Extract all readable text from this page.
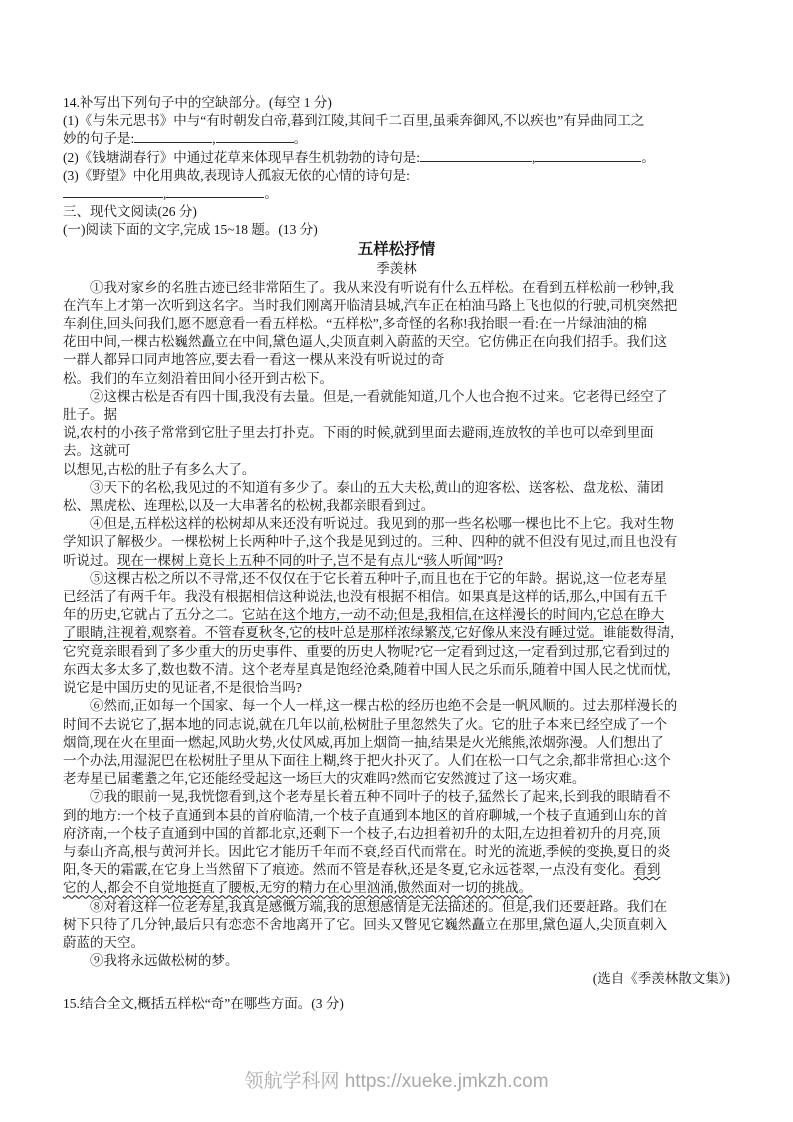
14.补写出下列句子中的空缺部分。(每空 1 分)
(1)《与朱元思书》中与“有时朝发白帝,暮到江陵,其间千二百里,虽乘奔御风,不以疾也”有异曲同工之
妙的句子是:	,	。
(2)《钱塘湖春行》中通过花草来体现早春生机勃勃的诗句是:	,	。
(3)《野望》中化用典故,表现诗人孤寂无依的心情的诗句是:
,	。
三、现代文阅读(26 分)
(一)阅读下面的文字,完成 15~18 题。(13 分)
五样松抒情
季羡林
①我对家乡的名胜古迹已经非常陌生了。我从来没有听说有什么五样松。在看到五样松前一秒钟,我
在汽车上才第一次听到这名字。当时我们刚离开临清县城,汽车正在柏油马路上飞也似的行驶,司机突然把
车刹住,回头问我们,愿不愿意看一看五样松。“五样松”,多奇怪的名称!我抬眼一看:在一片绿油油的棉
花田中间,一棵古松巍然矗立在中间,黛色逼人,尖顶直刺入蔚蓝的天空。它仿佛正在向我们招手。我们这
一群人都异口同声地答应,要去看一看这一棵从来没有听说过的奇
松。我们的车立刻沿着田间小径开到古松下。
②这棵古松是否有四十围,我没有去量。但是,一看就能知道,几个人也合抱不过来。它老得已经空了
肚子。据
说,农村的小孩子常常到它肚子里去打扑克。下雨的时候,就到里面去避雨,连放牧的羊也可以牵到里面
去。这就可
以想见,古松的肚子有多么大了。
③天下的名松,我见过的不知道有多少了。泰山的五大夫松,黄山的迎客松、送客松、盘龙松、蒲团
松、黑虎松、连理松,以及一大串著名的松树,我都亲眼看到过。
④但是,五样松这样的松树却从来还没有听说过。我见到的那一些名松哪一棵也比不上它。我对生物
学知识了解极少。一棵松树上长两种叶子,这个我是见到过的。三种、四种的就不但没有见过,而且也没有
听说过。现在一棵树上竟长上五种不同的叶子,岂不是有点儿“骇人听闻”吗?
⑤这棵古松之所以不寻常,还不仅仅在于它长着五种叶子,而且也在于它的年龄。据说,这一位老寿星
已经活了有两千年。我没有根据相信这种说法,也没有根据不相信。如果真是这样的话,那么,中国有五千
年的历史,它就占了五分之二。它站在这个地方,一动不动;但是,我相信,在这样漫长的时间内,它总在睁大
了眼睛,注视着,观察着。不管春夏秋冬,它的枝叶总是那样浓绿繁茂,它好像从来没有睡过觉。谁能数得清,
它究竟亲眼看到了多少重大的历史事件、重要的历史人物呢?它一定看到过这,一定看到过那,它看到过的
东西太多太多了,数也数不清。这个老寿星真是饱经沧桑,随着中国人民之乐而乐,随着中国人民之忧而忧,
说它是中国历史的见证者,不是很恰当吗?
⑥然而,正如每一个国家、每一个人一样,这一棵古松的经历也绝不会是一帆风顺的。过去那样漫长的
时间不去说它了,据本地的同志说,就在几年以前,松树肚子里忽然失了火。它的肚子本来已经空成了一个
烟筒,现在火在里面一燃起,风助火势,火仗风威,再加上烟筒一抽,结果是火光熊熊,浓烟弥漫。人们想出了
一个办法,用湿泥巴在松树肚子里从下面往上糊,终于把火扑灭了。人们在松一口气之余,都非常担心:这个
老寿星已届耄耋之年,它还能经受起这一场巨大的灾难吗?然而它安然渡过了这一场灾难。
⑦我的眼前一晃,我恍惚看到,这个老寿星长着五种不同叶子的枝子,猛然长了起来,长到我的眼睛看不
到的地方:一个枝子直通到本县的首府临清,一个枝子直通到本地区的首府聊城,一个枝子直通到山东的首
府济南,一个枝子直通到中国的首都北京,还剩下一个枝子,右边担着初升的太阳,左边担着初升的月亮,顶
与泰山齐高,根与黄河并长。因此它才能历千年而不衰,经百代而常在。时光的流逝,季候的变换,夏日的炎
阳,冬天的霜霰,在它身上当然留下了痕迹。然而不管是春秋,还是冬夏,它永远苍翠,一点没有变化。看到
它的人,都会不自觉地挺直了腰板,无穷的精力在心里汹涌,傲然面对一切的挑战。
⑧对着这样一位老寿星,我真是感慨万端,我的思想感情是无法描述的。但是,我们还要赶路。我们在
树下只待了几分钟,最后只有恋恋不舍地离开了它。回头又瞥见它巍然矗立在那里,黛色逼人,尖顶直刺入
蔚蓝的天空。
⑨我将永远做松树的梦。
(选自《季羡林散文集》)
15.结合全文,概括五样松“奇”在哪些方面。(3 分)
领航学科网 https://xueke.jmkzh.com
